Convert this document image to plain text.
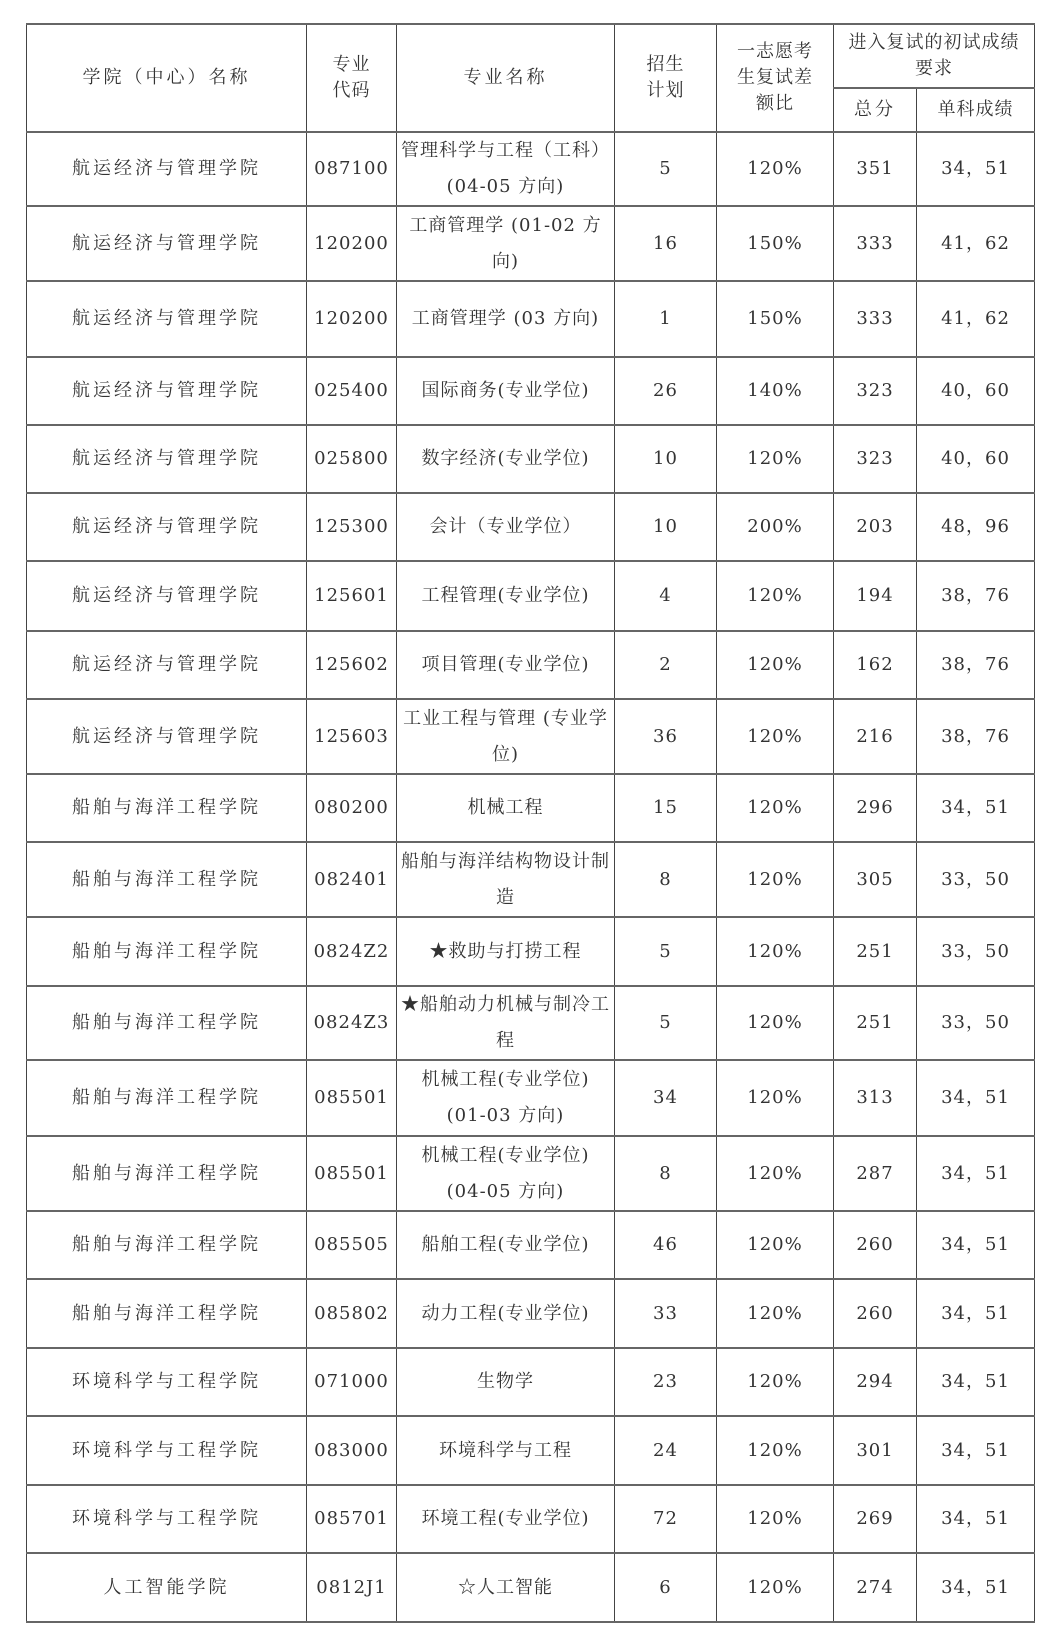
学院（中心）名称	专业代码	专业名称	招生计划	一志愿考生复试差额比	进入复试的初试成绩要求	
					总分	单科成绩
航运经济与管理学院	087100	管理科学与工程（工科）(04-05 方向)	5	120%	351	34，51
航运经济与管理学院	120200	工商管理学 (01-02 方向)	16	150%	333	41，62
航运经济与管理学院	120200	工商管理学 (03 方向)	1	150%	333	41，62
航运经济与管理学院	025400	国际商务(专业学位)	26	140%	323	40，60
航运经济与管理学院	025800	数字经济(专业学位)	10	120%	323	40，60
航运经济与管理学院	125300	会计（专业学位）	10	200%	203	48，96
航运经济与管理学院	125601	工程管理(专业学位)	4	120%	194	38，76
航运经济与管理学院	125602	项目管理(专业学位)	2	120%	162	38，76
航运经济与管理学院	125603	工业工程与管理 (专业学位)	36	120%	216	38，76
船舶与海洋工程学院	080200	机械工程	15	120%	296	34，51
船舶与海洋工程学院	082401	船舶与海洋结构物设计制造	8	120%	305	33，50
船舶与海洋工程学院	0824Z2	★救助与打捞工程	5	120%	251	33，50
船舶与海洋工程学院	0824Z3	★船舶动力机械与制冷工程	5	120%	251	33，50
船舶与海洋工程学院	085501	机械工程(专业学位) (01-03 方向)	34	120%	313	34，51
船舶与海洋工程学院	085501	机械工程(专业学位) (04-05 方向)	8	120%	287	34，51
船舶与海洋工程学院	085505	船舶工程(专业学位)	46	120%	260	34，51
船舶与海洋工程学院	085802	动力工程(专业学位)	33	120%	260	34，51
环境科学与工程学院	071000	生物学	23	120%	294	34，51
环境科学与工程学院	083000	环境科学与工程	24	120%	301	34，51
环境科学与工程学院	085701	环境工程(专业学位)	72	120%	269	34，51
人工智能学院	0812J1	☆人工智能	6	120%	274	34，51
